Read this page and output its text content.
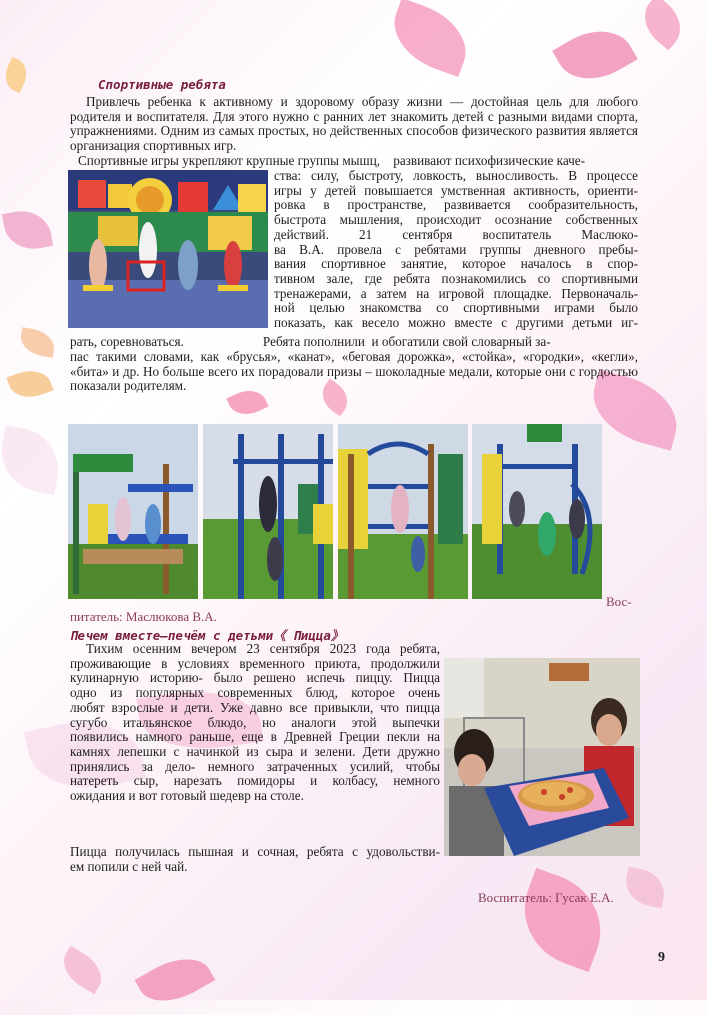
Спортивные ребята
Привлечь ребенка к активному и здоровому образу жизни — достойная цель для любого родителя и воспитателя. Для этого нужно с ранних лет знакомить детей с разными видами спорта, упражнениями. Одним из самых простых, но действенных способов физического развития является организация спортивных игр.
Спортивные игры укрепляют крупные группы мышц, развивают психофизические каче-
ства: силу, быстроту, ловкость, выносливость. В процессе
игры у детей повышается умственная активность, ориенти-
ровка в пространстве, развивается сообразительность,
быстрота мышления, происходит осознание собственных
действий. 21 сентября воспитатель Маслюко-
ва В.А. провела с ребятами группы дневного пребы-
вания спортивное занятие, которое началось в спор-
тивном зале, где ребята познакомились со спортивными
тренажерами, а затем на игровой площадке. Первоначаль-
ной целью знакомства со спортивными играми было
показать, как весело можно вместе с другими детьми иг-
рать, соревноваться.                        Ребята пополнили  и обогатили свой словарный за-
пас такими словами, как «брусья», «канат», «беговая дорожка», «стойка», «городки», «кегли», «бита» и др. Но больше всего их порадовали призы – шоколадные медали, которые они с гордостью показали родителям.
Вос-
питатель: Маслюкова В.А.
Печем вместе—печём с детьми《 Пицца》
Тихим осенним вечером 23 сентября 2023 года ребята,
проживающие в условиях временного приюта, продолжили
кулинарную историю- было решено испечь пиццу. Пицца
одно из популярных современных блюд, которое очень
любят взрослые и дети. Уже давно все привыкли, что пицца
сугубо итальянское блюдо, но аналоги этой выпечки
появились намного раньше, еще в Древней Греции пекли на
камнях лепешки с начинкой из сыра и зелени. Дети дружно
принялись за дело- немного затраченных усилий, чтобы
натереть сыр, нарезать помидоры и колбасу, немного
ожидания и вот готовый шедевр на столе.
Пицца получилась пышная и сочная, ребята с удовольстви-
ем попили с ней чай.
Воспитатель: Гусак Е.А.
9
